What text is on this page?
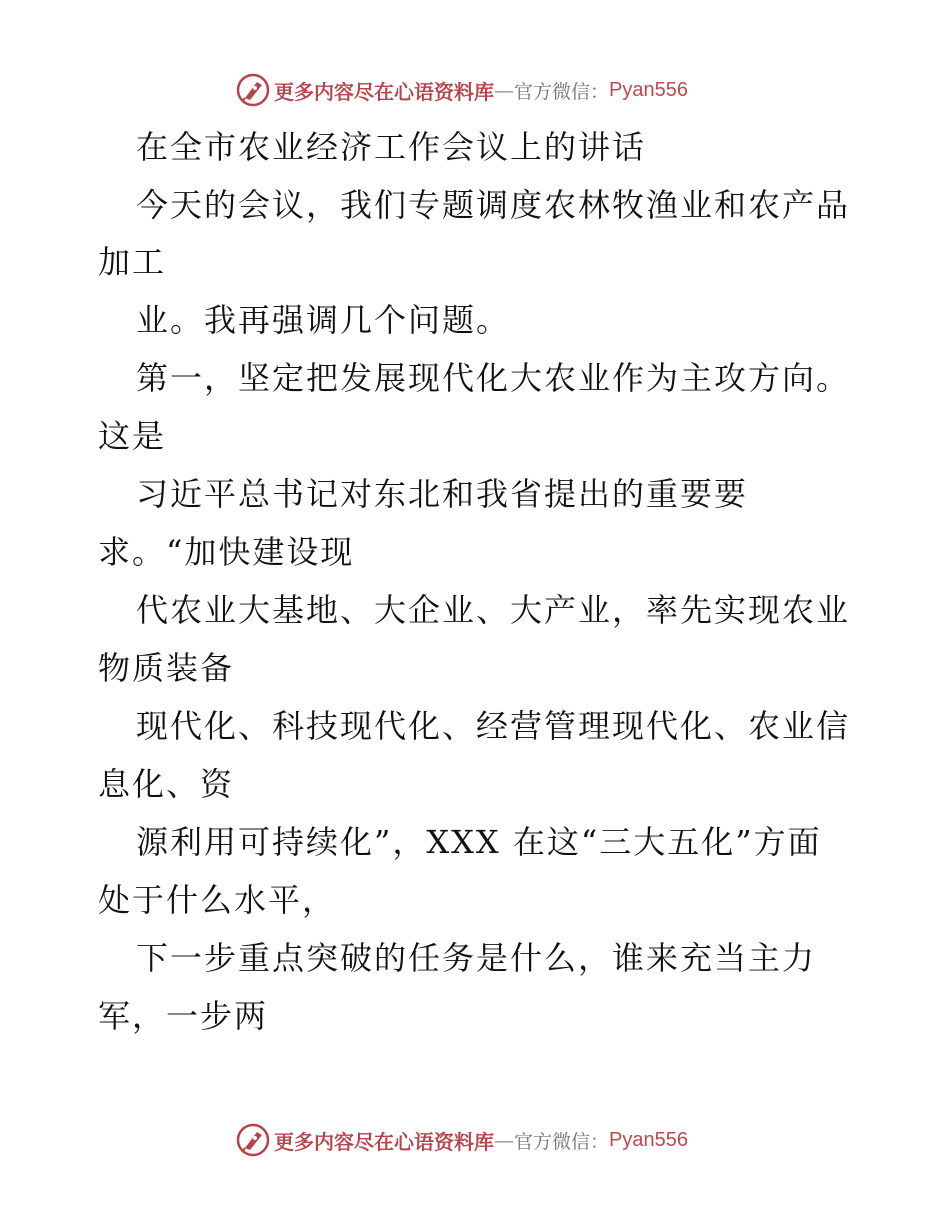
更多内容尽在心语资料库 — 官方微信： Pyan556
在全市农业经济工作会议上的讲话
今天的会议，我们专题调度农林牧渔业和农产品
加工
业。我再强调几个问题。
第一，坚定把发展现代化大农业作为主攻方向。
这是
习近平总书记对东北和我省提出的重要要
求。“加快建设现
代农业大基地、大企业、大产业，率先实现农业
物质装备
现代化、科技现代化、经营管理现代化、农业信
息化、资
源利用可持续化”，XXX 在这“三大五化”方面
处于什么水平，
下一步重点突破的任务是什么，谁来充当主力
军，一步两
更多内容尽在心语资料库 — 官方微信： Pyan556
